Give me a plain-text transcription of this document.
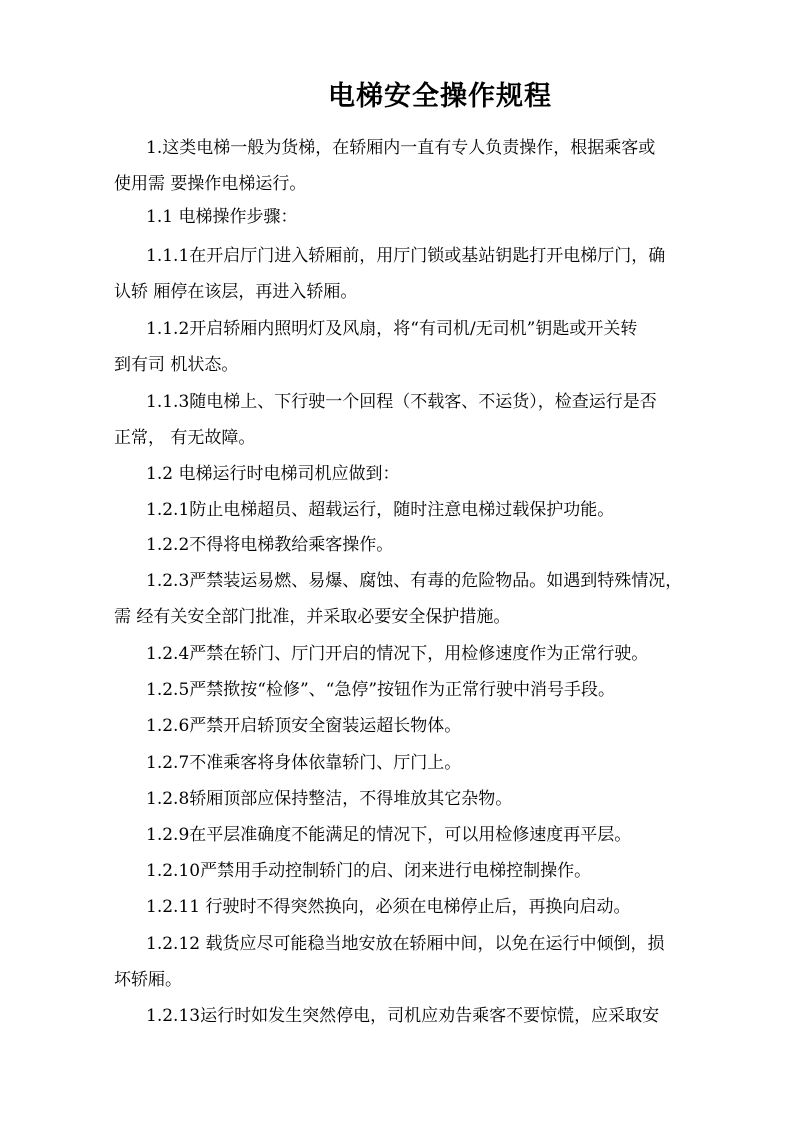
电梯安全操作规程

1.这类电梯一般为货梯，在轿厢内一直有专人负责操作，根据乘客或
使用需 要操作电梯运行。

1.1 电梯操作步骤：

1.1.1在开启厅门进入轿厢前，用厅门锁或基站钥匙打开电梯厅门，确
认轿 厢停在该层，再进入轿厢。

1.1.2开启轿厢内照明灯及风扇，将“有司机/无司机”钥匙或开关转
到有司 机状态。

1.1.3随电梯上、下行驶一个回程（不载客、不运货），检查运行是否
正常， 有无故障。

1.2 电梯运行时电梯司机应做到：

1.2.1防止电梯超员、超载运行，随时注意电梯过载保护功能。

1.2.2不得将电梯教给乘客操作。

1.2.3严禁装运易燃、易爆、腐蚀、有毒的危险物品。如遇到特殊情况，
需 经有关安全部门批准，并采取必要安全保护措施。

1.2.4严禁在轿门、厅门开启的情况下，用检修速度作为正常行驶。

1.2.5严禁揿按“检修”、“急停”按钮作为正常行驶中消号手段。

1.2.6严禁开启轿顶安全窗装运超长物体。

1.2.7不准乘客将身体依靠轿门、厅门上。

1.2.8轿厢顶部应保持整洁，不得堆放其它杂物。

1.2.9在平层准确度不能满足的情况下，可以用检修速度再平层。

1.2.10严禁用手动控制轿门的启、闭来进行电梯控制操作。

1.2.11 行驶时不得突然换向，必须在电梯停止后，再换向启动。

1.2.12 载货应尽可能稳当地安放在轿厢中间，以免在运行中倾倒，损
坏轿厢。

1.2.13运行时如发生突然停电，司机应劝告乘客不要惊慌，应采取安
